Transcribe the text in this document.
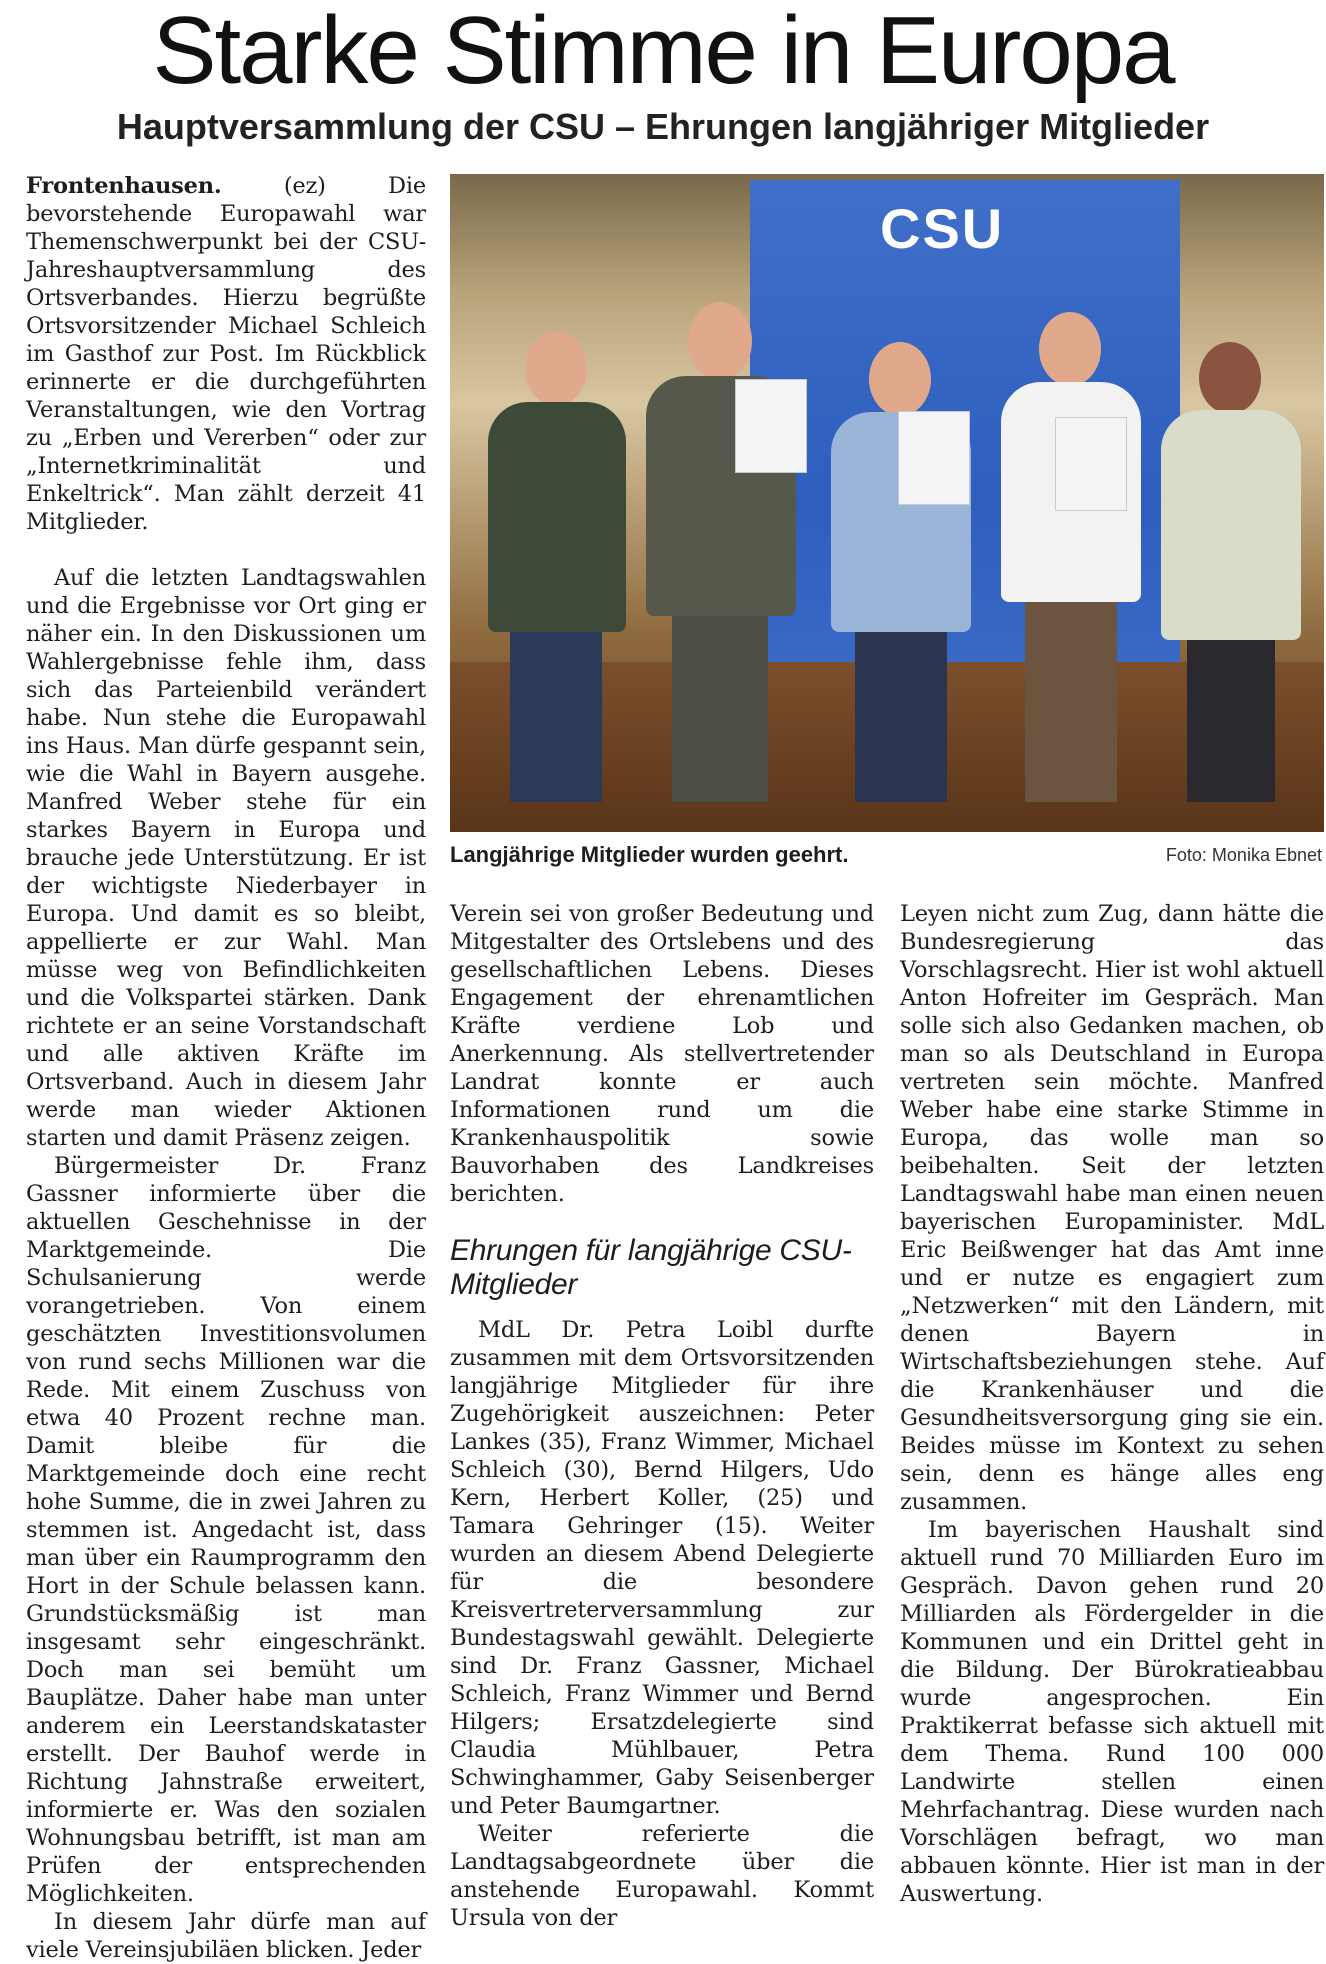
Starke Stimme in Europa
Hauptversammlung der CSU – Ehrungen langjähriger Mitglieder

Frontenhausen.	(ez) Die bevorstehende Europawahl war Themenschwerpunkt bei der CSU-Jahreshauptversammlung des Ortsverbandes. Hierzu begrüßte Ortsvorsitzender Michael Schleich im Gasthof zur Post. Im Rückblick erinnerte er die durchgeführten Veranstaltungen, wie den Vortrag zu „Erben und Vererben“ oder zur „Internetkriminalität und Enkeltrick“. Man zählt derzeit 41 Mitglieder.

Auf die letzten Landtagswahlen und die Ergebnisse vor Ort ging er näher ein. In den Diskussionen um Wahlergebnisse fehle ihm, dass sich das Parteienbild verändert habe. Nun stehe die Europawahl ins Haus. Man dürfe gespannt sein, wie die Wahl in Bayern ausgehe. Manfred Weber stehe für ein starkes Bayern in Europa und brauche jede Unterstützung. Er ist der wichtigste Niederbayer in Europa. Und damit es so bleibt, appellierte er zur Wahl. Man müsse weg von Befindlichkeiten und die Volkspartei stärken. Dank richtete er an seine Vorstandschaft und alle aktiven Kräfte im Ortsverband. Auch in diesem Jahr werde man wieder Aktionen starten und damit Präsenz zeigen.

Bürgermeister Dr. Franz Gassner informierte über die aktuellen Geschehnisse in der Marktgemeinde. Die Schulsanierung werde vorangetrieben. Von einem geschätzten Investitionsvolumen von rund sechs Millionen war die Rede. Mit einem Zuschuss von etwa 40 Prozent rechne man. Damit bleibe für die Marktgemeinde doch eine recht hohe Summe, die in zwei Jahren zu stemmen ist. Angedacht ist, dass man über ein Raumprogramm den Hort in der Schule belassen kann. Grundstücksmäßig ist man insgesamt sehr eingeschränkt. Doch man sei bemüht um Bauplätze. Daher habe man unter anderem ein Leerstandskataster erstellt. Der Bauhof werde in Richtung Jahnstraße erweitert, informierte er. Was den sozialen Wohnungsbau betrifft, ist man am Prüfen der entsprechenden Möglichkeiten.

In diesem Jahr dürfe man auf viele Vereinsjubiläen blicken. Jeder

CSU
Langjährige Mitglieder wurden geehrt.	Foto: Monika Ebnet

Verein sei von großer Bedeutung und Mitgestalter des Ortslebens und des gesellschaftlichen Lebens. Dieses Engagement der ehrenamtlichen Kräfte verdiene Lob und Anerkennung. Als stellvertretender Landrat konnte er auch Informationen rund um die Krankenhauspolitik sowie Bauvorhaben des Landkreises berichten.

Ehrungen für langjährige CSU-Mitglieder

MdL Dr. Petra Loibl durfte zusammen mit dem Ortsvorsitzenden langjährige Mitglieder für ihre Zugehörigkeit auszeichnen: Peter Lankes (35), Franz Wimmer, Michael Schleich (30), Bernd Hilgers, Udo Kern, Herbert Koller, (25) und Tamara Gehringer (15). Weiter wurden an diesem Abend Delegierte für die besondere Kreisvertreterversammlung zur Bundestagswahl gewählt. Delegierte sind Dr. Franz Gassner, Michael Schleich, Franz Wimmer und Bernd Hilgers; Ersatzdelegierte sind Claudia Mühlbauer, Petra Schwinghammer, Gaby Seisenberger und Peter Baumgartner.

Weiter referierte die Landtagsabgeordnete über die anstehende Europawahl. Kommt Ursula von der

Leyen nicht zum Zug, dann hätte die Bundesregierung das Vorschlagsrecht. Hier ist wohl aktuell Anton Hofreiter im Gespräch. Man solle sich also Gedanken machen, ob man so als Deutschland in Europa vertreten sein möchte. Manfred Weber habe eine starke Stimme in Europa, das wolle man so beibehalten. Seit der letzten Landtagswahl habe man einen neuen bayerischen Europaminister. MdL Eric Beißwenger hat das Amt inne und er nutze es engagiert zum „Netzwerken“ mit den Ländern, mit denen Bayern in Wirtschaftsbeziehungen stehe. Auf die Krankenhäuser und die Gesundheitsversorgung ging sie ein. Beides müsse im Kontext zu sehen sein, denn es hänge alles eng zusammen.

Im bayerischen Haushalt sind aktuell rund 70 Milliarden Euro im Gespräch. Davon gehen rund 20 Milliarden als Fördergelder in die Kommunen und ein Drittel geht in die Bildung. Der Bürokratieabbau wurde angesprochen. Ein Praktikerrat befasse sich aktuell mit dem Thema. Rund 100 000 Landwirte stellen einen Mehrfachantrag. Diese wurden nach Vorschlägen befragt, wo man abbauen könnte. Hier ist man in der Auswertung.
